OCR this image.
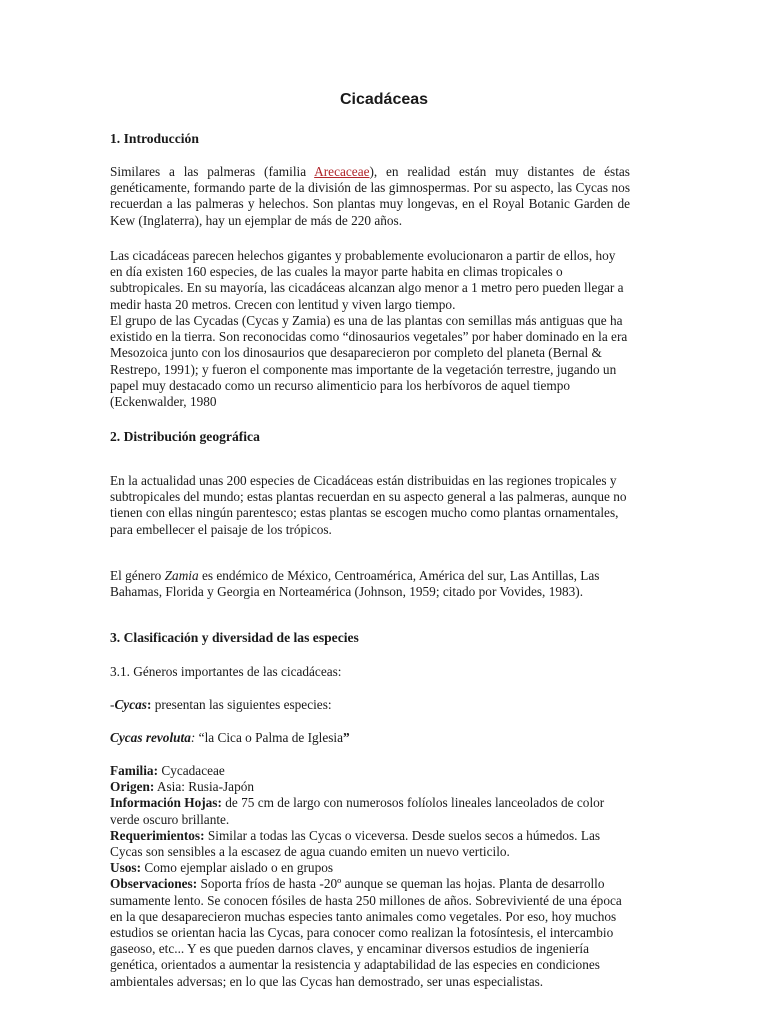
Cicadáceas
1. Introducción

Similares a las palmeras (familia Arecaceae), en realidad están muy distantes de éstas genéticamente, formando parte de la división de las gimnospermas. Por su aspecto, las Cycas nos recuerdan a las palmeras y helechos. Son plantas muy longevas, en el Royal Botanic Garden de Kew (Inglaterra), hay un ejemplar de más de 220 años.

Las cicadáceas parecen helechos gigantes y probablemente evolucionaron a partir de ellos, hoy en día existen 160 especies, de las cuales la mayor parte habita en climas tropicales o subtropicales. En su mayoría, las cicadáceas alcanzan algo menor a 1 metro pero pueden llegar a medir hasta 20 metros. Crecen con lentitud y viven largo tiempo.

El grupo de las Cycadas (Cycas y Zamia) es una de las plantas con semillas más antiguas que ha existido en la tierra. Son reconocidas como “dinosaurios vegetales” por haber dominado en la era Mesozoica junto con los dinosaurios que desaparecieron por completo del planeta (Bernal & Restrepo, 1991); y fueron el componente mas importante de la vegetación terrestre, jugando un papel muy destacado como un recurso alimenticio para los herbívoros de aquel tiempo (Eckenwalder, 1980

2. Distribución geográfica

En la actualidad unas 200 especies de Cicadáceas están distribuidas en las regiones tropicales y subtropicales del mundo; estas plantas recuerdan en su aspecto general a las palmeras, aunque no tienen con ellas ningún parentesco; estas plantas se escogen mucho como plantas ornamentales, para embellecer el paisaje de los trópicos.

El género Zamia es endémico de México, Centroamérica, América del sur, Las Antillas, Las Bahamas, Florida y Georgia en Norteamérica (Johnson, 1959; citado por Vovides, 1983).

3. Clasificación y diversidad de las especies

3.1. Géneros importantes de las cicadáceas:

-Cycas: presentan las siguientes especies:

Cycas revoluta: “la Cica o Palma de Iglesia”

Familia: Cycadaceae

Origen: Asia: Rusia-Japón

Información Hojas: de 75 cm de largo con numerosos folíolos lineales lanceolados de color verde oscuro brillante.

Requerimientos: Similar a todas las Cycas o viceversa. Desde suelos secos a húmedos. Las Cycas son sensibles a la escasez de agua cuando emiten un nuevo verticilo.

Usos: Como ejemplar aislado o en grupos

Observaciones: Soporta fríos de hasta -20º aunque se queman las hojas. Planta de desarrollo sumamente lento. Se conocen fósiles de hasta 250 millones de años. Sobrevivienté de una época en la que desaparecieron muchas especies tanto animales como vegetales. Por eso, hoy muchos estudios se orientan hacia las Cycas, para conocer como realizan la fotosíntesis, el intercambio gaseoso, etc... Y es que pueden darnos claves, y encaminar diversos estudios de ingeniería genética, orientados a aumentar la resistencia y adaptabilidad de las especies en condiciones ambientales adversas; en lo que las Cycas han demostrado, ser unas especialistas.
